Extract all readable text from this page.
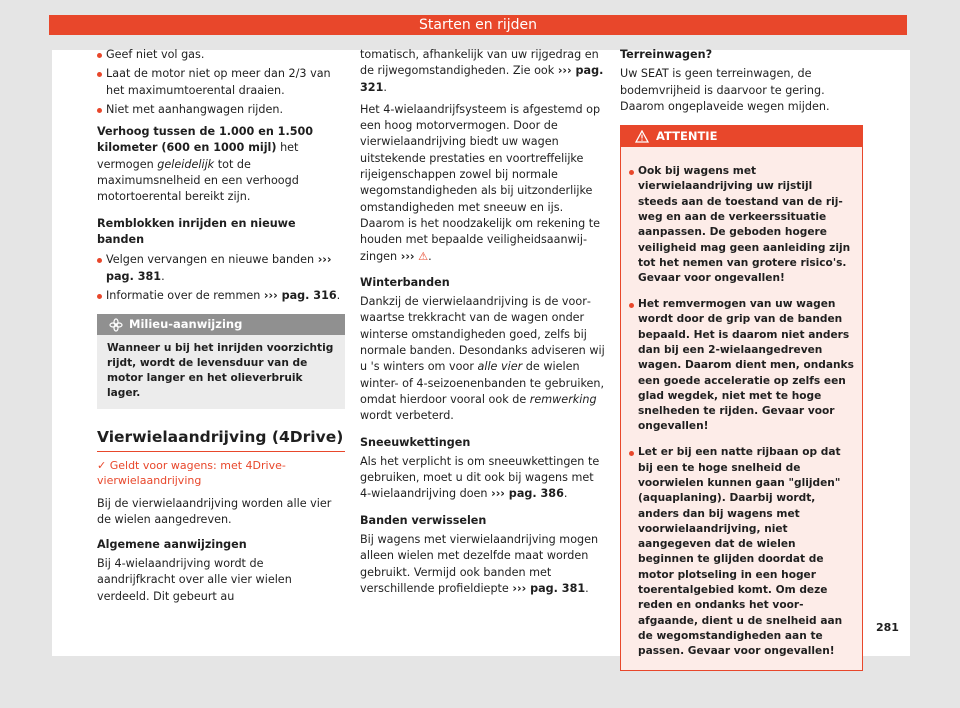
Starten en rijden

Geef niet vol gas.

Laat de motor niet op meer dan 2/3 van het maximumtoerental draaien.

Niet met aanhangwagen rijden.

Verhoog tussen de 1.000 en 1.500 kilometer (600 en 1000 mijl) het vermogen geleidelijk tot de maximumsnelheid en een verhoogd motortoerental bereikt zijn.

Remblokken inrijden en nieuwe banden

Velgen vervangen en nieuwe banden ››› pag. 381.

Informatie over de remmen ››› pag. 316.

Milieu-aanwijzing
Wanneer u bij het inrijden voorzichtig rijdt, wordt de levensduur van de motor langer en het olieverbruik lager.

Vierwielaandrijving (4Drive)

✓ Geldt voor wagens: met 4Drive-vierwielaandrijving

Bij de vierwielaandrijving worden alle vier de wielen aangedreven.

Algemene aanwijzingen

Bij 4-wielaandrijving wordt de aandrijfkracht over alle vier wielen verdeeld. Dit gebeurt au

tomatisch, afhankelijk van uw rijgedrag en de rijwegomstandigheden. Zie ook ››› pag. 321.

Het 4-wielaandrijfsysteem is afgestemd op een hoog motorvermogen. Door de vierwielaandrijving biedt uw wagen uitstekende prestaties en voortreffelijke rijeigenschappen zowel bij normale wegomstandigheden als bij uitzonderlijke omstandigheden met sneeuw en ijs. Daarom is het noodzakelijk om rekening te houden met bepaalde veiligheidsaanwijzingen ››› ⚠.

Winterbanden

Dankzij de vierwielaandrijving is de voorwaartse trekkracht van de wagen onder winterse omstandigheden goed, zelfs bij normale banden. Desondanks adviseren wij u 's winters om voor alle vier de wielen winter- of 4-seizoenenbanden te gebruiken, omdat hierdoor vooral ook de remwerking wordt verbeterd.

Sneeuwkettingen

Als het verplicht is om sneeuwkettingen te gebruiken, moet u dit ook bij wagens met 4-wielaandrijving doen ››› pag. 386.

Banden verwisselen

Bij wagens met vierwielaandrijving mogen alleen wielen met dezelfde maat worden gebruikt. Vermijd ook banden met verschillende profieldiepte ››› pag. 381.

Terreinwagen?

Uw SEAT is geen terreinwagen, de bodemvrijheid is daarvoor te gering. Daarom ongeplaveide wegen mijden.

ATTENTIE

Ook bij wagens met vierwielaandrijving uw rijstijl steeds aan de toestand van de rijweg en aan de verkeerssituatie aanpassen. De geboden hogere veiligheid mag geen aanleiding zijn tot het nemen van grotere risico's. Gevaar voor ongevallen!

Het remvermogen van uw wagen wordt door de grip van de banden bepaald. Het is daarom niet anders dan bij een 2-wielaangedreven wagen. Daarom dient men, ondanks een goede acceleratie op zelfs een glad wegdek, niet met te hoge snelheden te rijden. Gevaar voor ongevallen!

Let er bij een natte rijbaan op dat bij een te hoge snelheid de voorwielen kunnen gaan "glijden" (aquaplaning). Daarbij wordt, anders dan bij wagens met voorwielaandrijving, niet aangegeven dat de wielen beginnen te glijden doordat de motor plotseling in een hoger toerentalgebied komt. Om deze reden en ondanks het voorafgaande, dient u de snelheid aan de wegomstandigheden aan te passen. Gevaar voor ongevallen!

281
